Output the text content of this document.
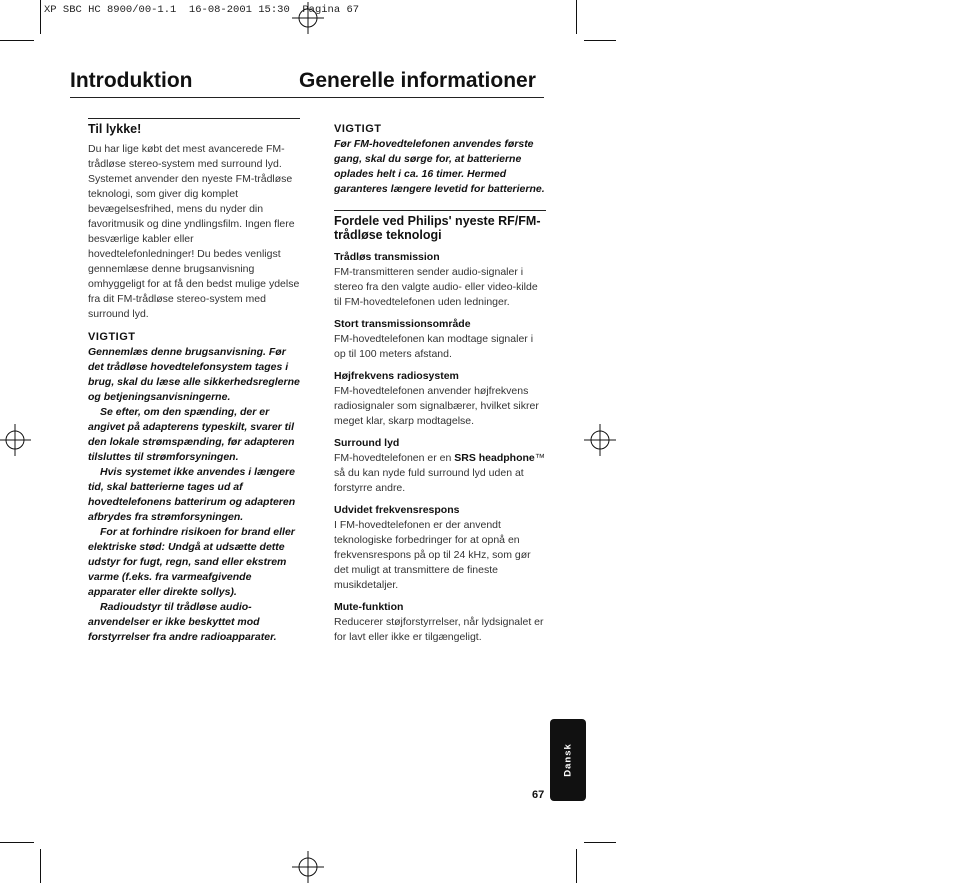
XP SBC HC 8900/00-1.1  16-08-2001 15:30  Pagina 67
Introduktion	Generelle informationer
Til lykke!

Du har lige købt det mest avancerede FM-trådløse stereo-system med surround lyd. Systemet anvender den nyeste FM-trådløse teknologi, som giver dig komplet bevægelsesfrihed, mens du nyder din favoritmusik og dine yndlingsfilm. Ingen flere besværlige kabler eller hovedtelefonledninger! Du bedes venligst gennemlæse denne brugsanvisning omhyggeligt for at få den bedst mulige ydelse fra dit FM-trådløse stereo-system med surround lyd.

VIGTIGT

Gennemlæs denne brugsanvisning. Før det trådløse hovedtelefonsystem tages i brug, skal du læse alle sikkerhedsreglerne og betjeningsanvisningerne.

Se efter, om den spænding, der er angivet på adapterens typeskilt, svarer til den lokale strømspænding, før adapteren tilsluttes til strømforsyningen.

Hvis systemet ikke anvendes i længere tid, skal batterierne tages ud af hovedtelefonens batterirum og adapteren afbrydes fra strømforsyningen.

For at forhindre risikoen for brand eller elektriske stød: Undgå at udsætte dette udstyr for fugt, regn, sand eller ekstrem varme (f.eks. fra varmeafgivende apparater eller direkte sollys).

Radioudstyr til trådløse audio-anvendelser er ikke beskyttet mod forstyrrelser fra andre radioapparater.

VIGTIGT

Før FM-hovedtelefonen anvendes første gang, skal du sørge for, at batterierne oplades helt i ca. 16 timer. Hermed garanteres længere levetid for batterierne.

Fordele ved Philips' nyeste RF/FM-trådløse teknologi
Trådløs transmission

FM-transmitteren sender audio-signaler i stereo fra den valgte audio- eller video-kilde til FM-hovedtelefonen uden ledninger.

Stort transmissionsområde

FM-hovedtelefonen kan modtage signaler i op til 100 meters afstand.

Højfrekvens radiosystem

FM-hovedtelefonen anvender højfrekvens radiosignaler som signalbærer, hvilket sikrer meget klar, skarp modtagelse.

Surround lyd

FM-hovedtelefonen er en SRS headphone™ så du kan nyde fuld surround lyd uden at forstyrre andre.

Udvidet frekvensrespons

I FM-hovedtelefonen er der anvendt teknologiske forbedringer for at opnå en frekvensrespons på op til 24 kHz, som gør det muligt at transmittere de fineste musikdetaljer.

Mute-funktion

Reducerer støjforstyrrelser, når lydsignalet er for lavt eller ikke er tilgængeligt.

Dansk
67
